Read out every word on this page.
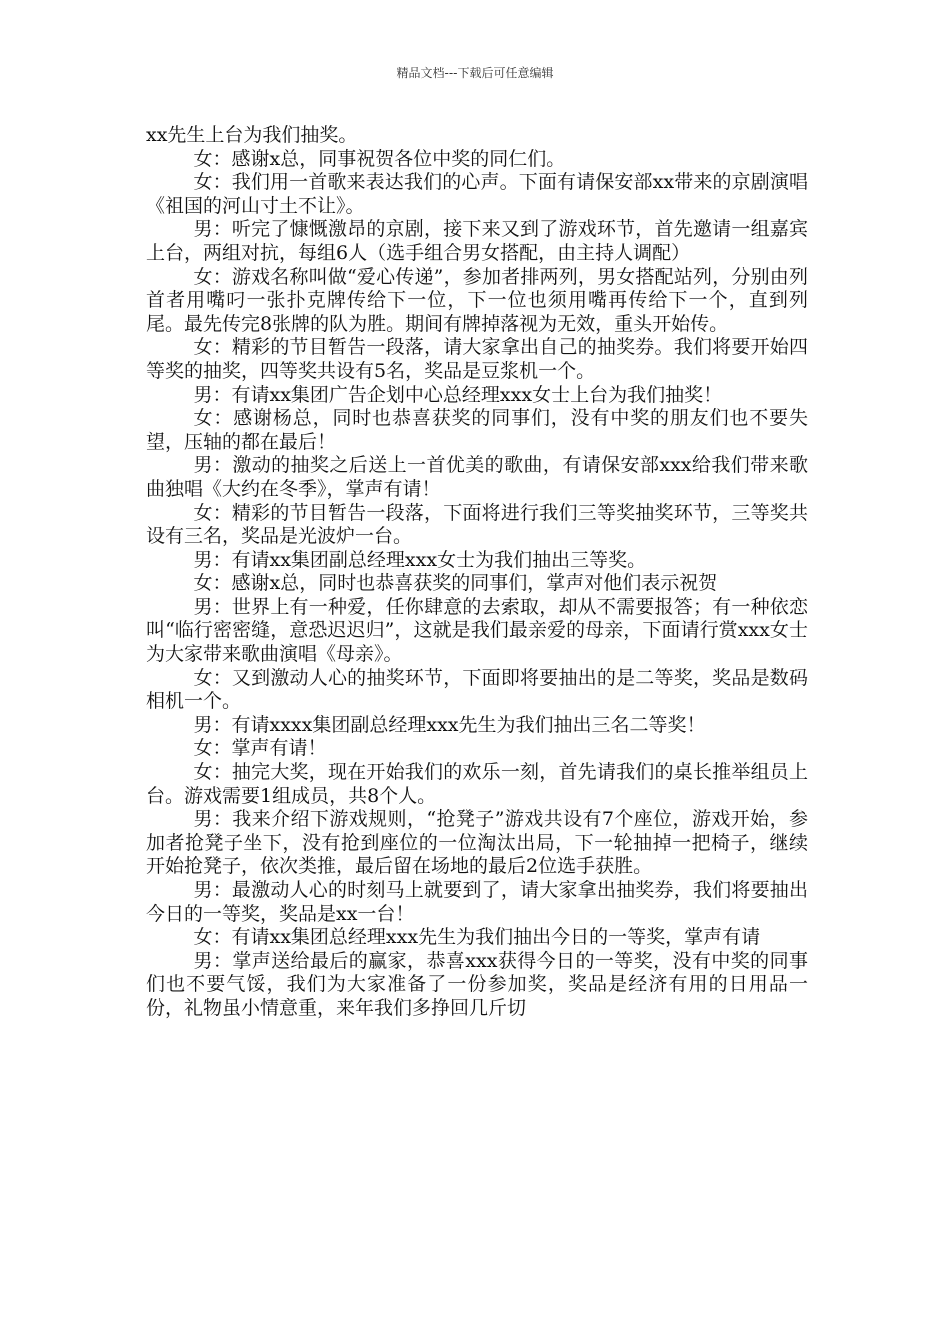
精品文档---下载后可任意编辑

xx先生上台为我们抽奖。

女：感谢x总，同事祝贺各位中奖的同仁们。

女：我们用一首歌来表达我们的心声。下面有请保安部xx带来的京剧演唱《祖国的河山寸土不让》。

男：听完了慷慨激昂的京剧，接下来又到了游戏环节，首先邀请一组嘉宾上台，两组对抗，每组6人（选手组合男女搭配，由主持人调配）

女：游戏名称叫做“爱心传递”，参加者排两列，男女搭配站列，分别由列首者用嘴叼一张扑克牌传给下一位，下一位也须用嘴再传给下一个，直到列尾。最先传完8张牌的队为胜。期间有牌掉落视为无效，重头开始传。

女：精彩的节目暂告一段落，请大家拿出自己的抽奖券。我们将要开始四等奖的抽奖，四等奖共设有5名，奖品是豆浆机一个。

男：有请xx集团广告企划中心总经理xxx女士上台为我们抽奖！

女：感谢杨总，同时也恭喜获奖的同事们，没有中奖的朋友们也不要失望，压轴的都在最后！

男：激动的抽奖之后送上一首优美的歌曲，有请保安部xxx给我们带来歌曲独唱《大约在冬季》，掌声有请！

女：精彩的节目暂告一段落，下面将进行我们三等奖抽奖环节，三等奖共设有三名，奖品是光波炉一台。

男：有请xx集团副总经理xxx女士为我们抽出三等奖。

女：感谢x总，同时也恭喜获奖的同事们，掌声对他们表示祝贺

男：世界上有一种爱，任你肆意的去索取，却从不需要报答；有一种依恋叫“临行密密缝，意恐迟迟归”，这就是我们最亲爱的母亲，下面请行赏xxx女士为大家带来歌曲演唱《母亲》。

女：又到激动人心的抽奖环节，下面即将要抽出的是二等奖，奖品是数码相机一个。

男：有请xxxx集团副总经理xxx先生为我们抽出三名二等奖！

女：掌声有请！

女：抽完大奖，现在开始我们的欢乐一刻，首先请我们的桌长推举组员上台。游戏需要1组成员，共8个人。

男：我来介绍下游戏规则，“抢凳子”游戏共设有7个座位，游戏开始，参加者抢凳子坐下，没有抢到座位的一位淘汰出局，下一轮抽掉一把椅子，继续开始抢凳子，依次类推，最后留在场地的最后2位选手获胜。

男：最激动人心的时刻马上就要到了，请大家拿出抽奖券，我们将要抽出今日的一等奖，奖品是xx一台！

女：有请xx集团总经理xxx先生为我们抽出今日的一等奖，掌声有请

男：掌声送给最后的赢家，恭喜xxx获得今日的一等奖，没有中奖的同事们也不要气馁，我们为大家准备了一份参加奖，奖品是经济有用的日用品一份，礼物虽小情意重，来年我们多挣回几斤切
